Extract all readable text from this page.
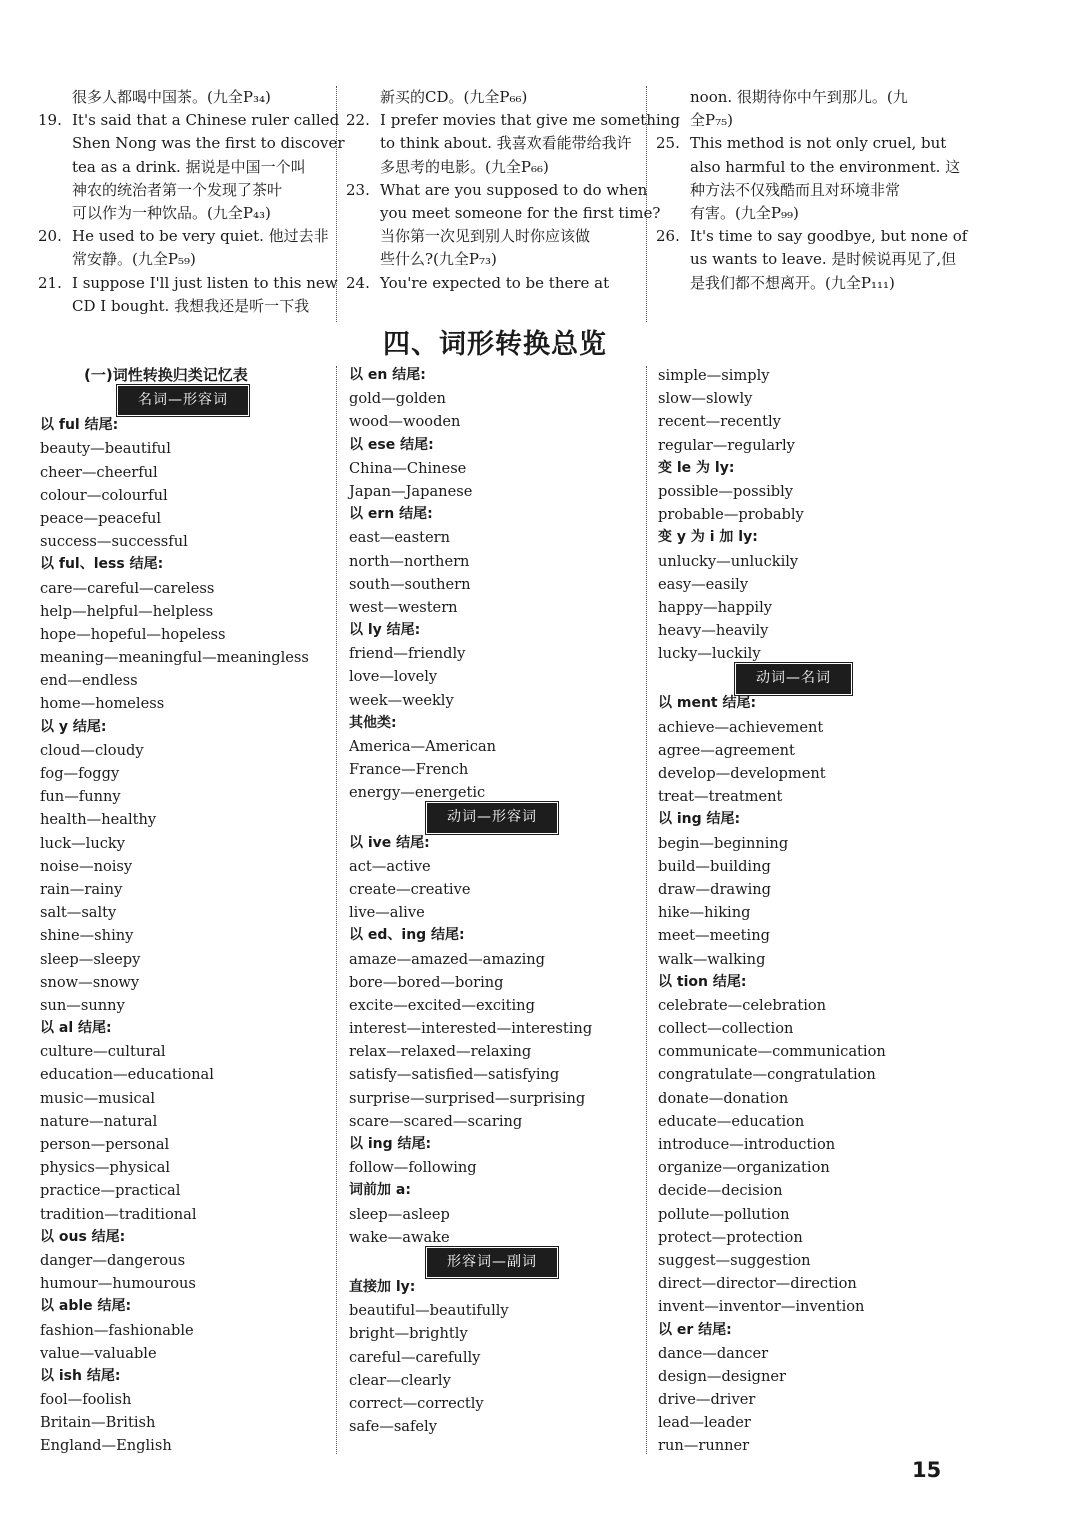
很多人都喝中国茶。(九全P₃₄)
19. It's said that a Chinese ruler called
Shen Nong was the first to discover
tea as a drink. 据说是中国一个叫
神农的统治者第一个发现了茶叶
可以作为一种饮品。(九全P₄₃)
20. He used to be very quiet. 他过去非
常安静。(九全P₅₉)
21. I suppose I'll just listen to this new
CD I bought. 我想我还是听一下我
新买的CD。(九全P₆₆)
22. I prefer movies that give me something
to think about. 我喜欢看能带给我许
多思考的电影。(九全P₆₆)
23. What are you supposed to do when
you meet someone for the first time?
当你第一次见到别人时你应该做
些什么?(九全P₇₃)
24. You're expected to be there at
noon. 很期待你中午到那儿。(九
全P₇₅)
25. This method is not only cruel, but
also harmful to the environment. 这
种方法不仅残酷而且对环境非常
有害。(九全P₉₉)
26. It's time to say goodbye, but none of
us wants to leave. 是时候说再见了,但
是我们都不想离开。(九全P₁₁₁)
四、词形转换总览
(一)词性转换归类记忆表
名词—形容词
以 ful 结尾:
beauty—beautiful
cheer—cheerful
colour—colourful
peace—peaceful
success—successful
以 ful、less 结尾:
care—careful—careless
help—helpful—helpless
hope—hopeful—hopeless
meaning—meaningful—meaningless
end—endless
home—homeless
以 y 结尾:
cloud—cloudy
fog—foggy
fun—funny
health—healthy
luck—lucky
noise—noisy
rain—rainy
salt—salty
shine—shiny
sleep—sleepy
snow—snowy
sun—sunny
以 al 结尾:
culture—cultural
education—educational
music—musical
nature—natural
person—personal
physics—physical
practice—practical
tradition—traditional
以 ous 结尾:
danger—dangerous
humour—humourous
以 able 结尾:
fashion—fashionable
value—valuable
以 ish 结尾:
fool—foolish
Britain—British
England—English
以 en 结尾:
gold—golden
wood—wooden
以 ese 结尾:
China—Chinese
Japan—Japanese
以 ern 结尾:
east—eastern
north—northern
south—southern
west—western
以 ly 结尾:
friend—friendly
love—lovely
week—weekly
其他类:
America—American
France—French
energy—energetic
动词—形容词
以 ive 结尾:
act—active
create—creative
live—alive
以 ed、ing 结尾:
amaze—amazed—amazing
bore—bored—boring
excite—excited—exciting
interest—interested—interesting
relax—relaxed—relaxing
satisfy—satisfied—satisfying
surprise—surprised—surprising
scare—scared—scaring
以 ing 结尾:
follow—following
词前加 a:
sleep—asleep
wake—awake
形容词—副词
直接加 ly:
beautiful—beautifully
bright—brightly
careful—carefully
clear—clearly
correct—correctly
safe—safely
simple—simply
slow—slowly
recent—recently
regular—regularly
变 le 为 ly:
possible—possibly
probable—probably
变 y 为 i 加 ly:
unlucky—unluckily
easy—easily
happy—happily
heavy—heavily
lucky—luckily
动词—名词
以 ment 结尾:
achieve—achievement
agree—agreement
develop—development
treat—treatment
以 ing 结尾:
begin—beginning
build—building
draw—drawing
hike—hiking
meet—meeting
walk—walking
以 tion 结尾:
celebrate—celebration
collect—collection
communicate—communication
congratulate—congratulation
donate—donation
educate—education
introduce—introduction
organize—organization
decide—decision
pollute—pollution
protect—protection
suggest—suggestion
direct—director—direction
invent—inventor—invention
以 er 结尾:
dance—dancer
design—designer
drive—driver
lead—leader
run—runner
15
